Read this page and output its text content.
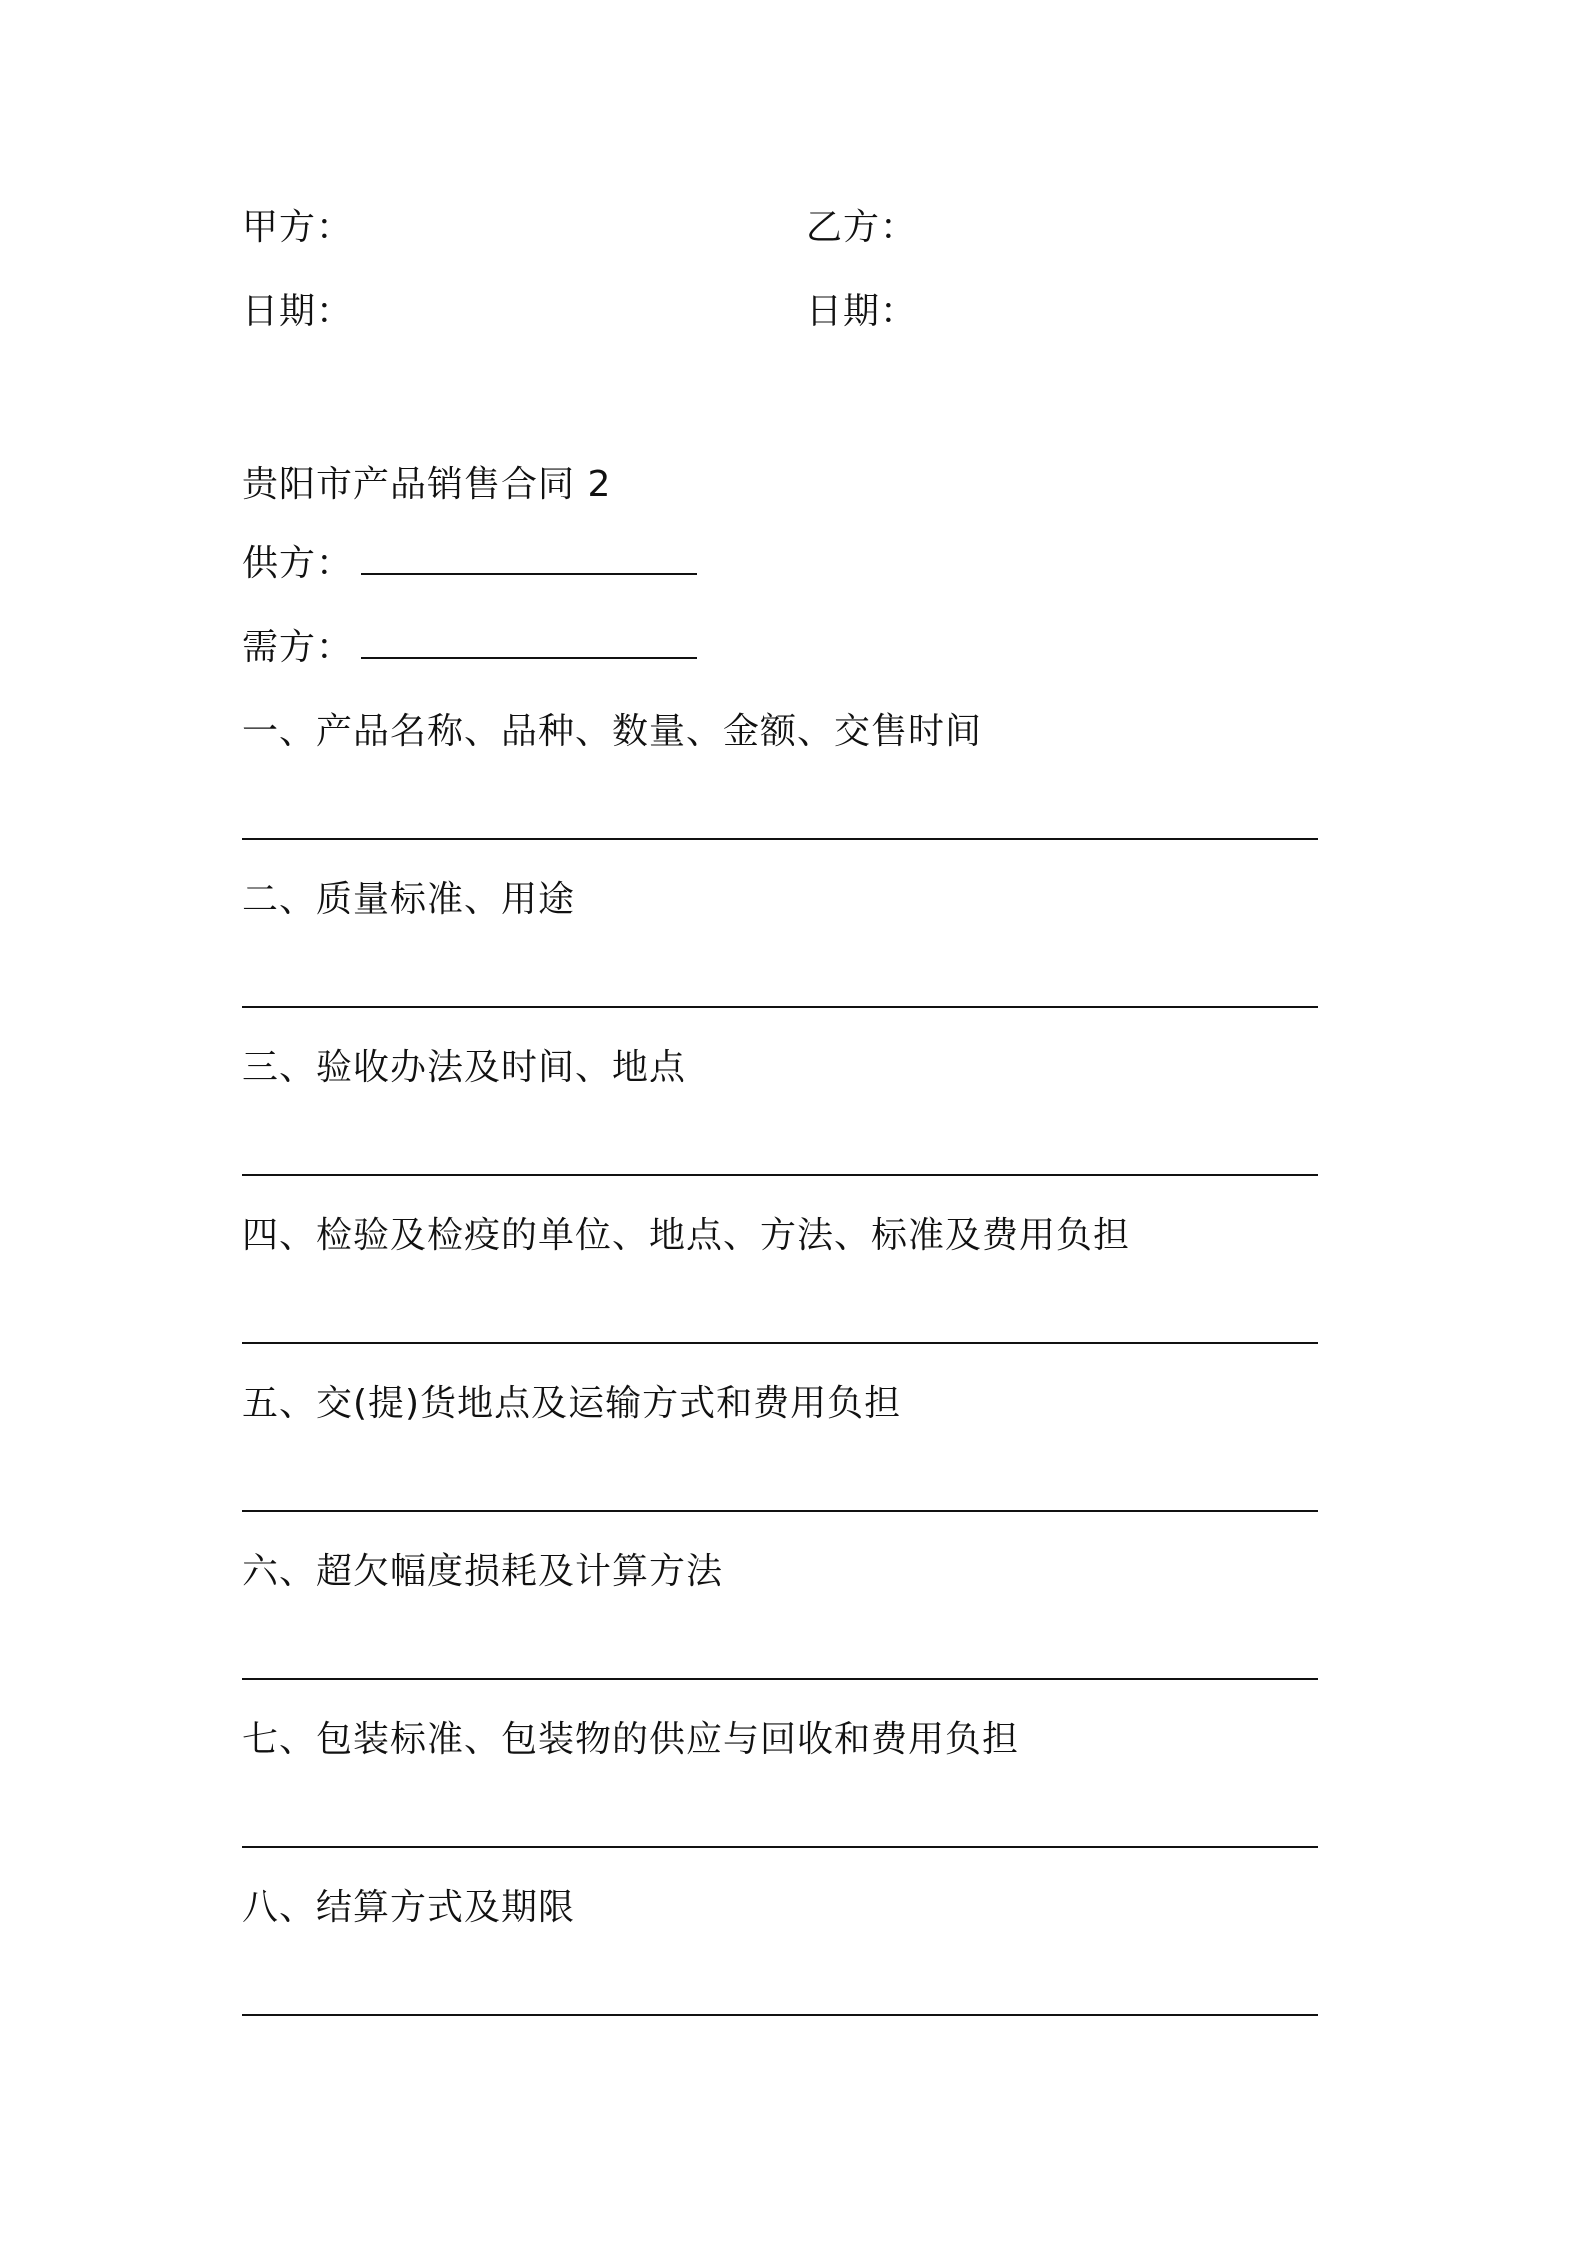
甲方：	乙方：
日期：	日期：
贵阳市产品销售合同 2
供方：
需方：
一、产品名称、品种、数量、金额、交售时间
二、质量标准、用途
三、验收办法及时间、地点
四、检验及检疫的单位、地点、方法、标准及费用负担
五、交(提)货地点及运输方式和费用负担
六、超欠幅度损耗及计算方法
七、包装标准、包装物的供应与回收和费用负担
八、结算方式及期限
